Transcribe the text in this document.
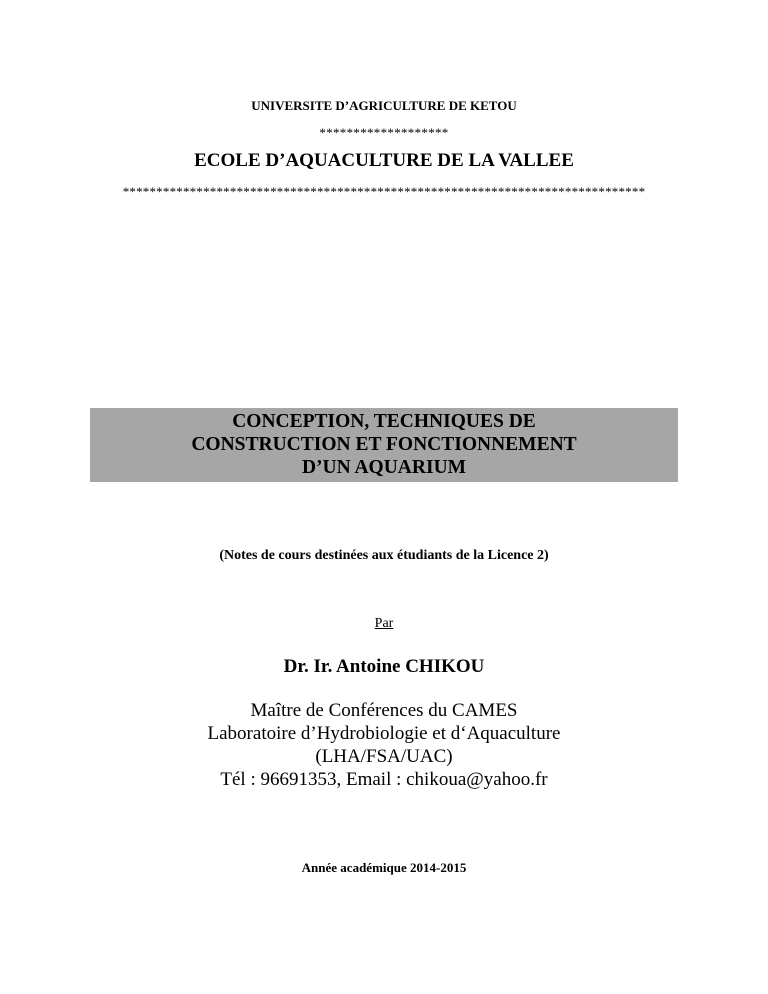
UNIVERSITE D’AGRICULTURE DE KETOU
*******************
ECOLE D’AQUACULTURE DE LA VALLEE
******************************************************************************
CONCEPTION, TECHNIQUES DE
CONSTRUCTION ET FONCTIONNEMENT
D’UN AQUARIUM
(Notes de cours destinées aux étudiants de la Licence 2)
Par
Dr. Ir. Antoine CHIKOU
Maître de Conférences du CAMES
Laboratoire d’Hydrobiologie et d‘Aquaculture
(LHA/FSA/UAC)
Tél : 96691353, Email : chikoua@yahoo.fr
Année académique 2014-2015
